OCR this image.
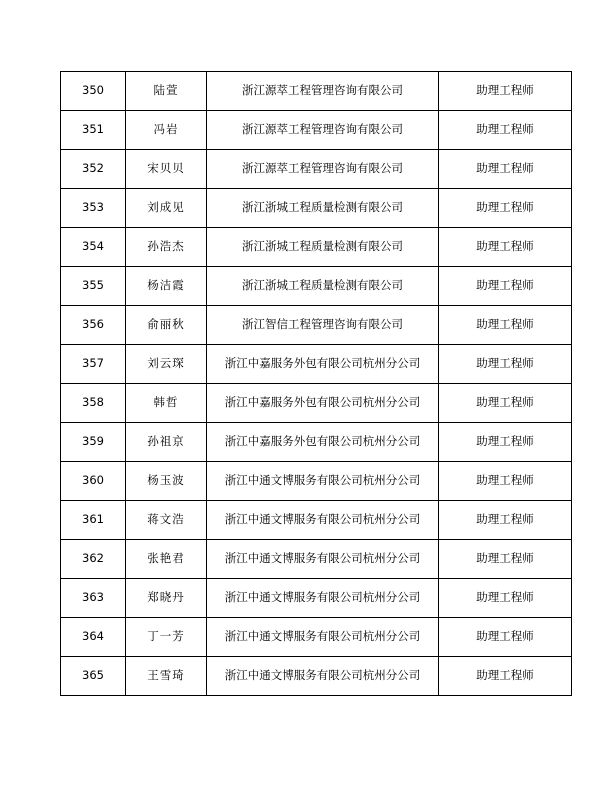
350	陆萱	浙江源萃工程管理咨询有限公司	助理工程师
351	冯岩	浙江源萃工程管理咨询有限公司	助理工程师
352	宋贝贝	浙江源萃工程管理咨询有限公司	助理工程师
353	刘成见	浙江浙城工程质量检测有限公司	助理工程师
354	孙浩杰	浙江浙城工程质量检测有限公司	助理工程师
355	杨洁霞	浙江浙城工程质量检测有限公司	助理工程师
356	俞丽秋	浙江智信工程管理咨询有限公司	助理工程师
357	刘云琛	浙江中嘉服务外包有限公司杭州分公司	助理工程师
358	韩哲	浙江中嘉服务外包有限公司杭州分公司	助理工程师
359	孙祖京	浙江中嘉服务外包有限公司杭州分公司	助理工程师
360	杨玉波	浙江中通文博服务有限公司杭州分公司	助理工程师
361	蒋文浩	浙江中通文博服务有限公司杭州分公司	助理工程师
362	张艳君	浙江中通文博服务有限公司杭州分公司	助理工程师
363	郑晓丹	浙江中通文博服务有限公司杭州分公司	助理工程师
364	丁一芳	浙江中通文博服务有限公司杭州分公司	助理工程师
365	王雪琦	浙江中通文博服务有限公司杭州分公司	助理工程师
